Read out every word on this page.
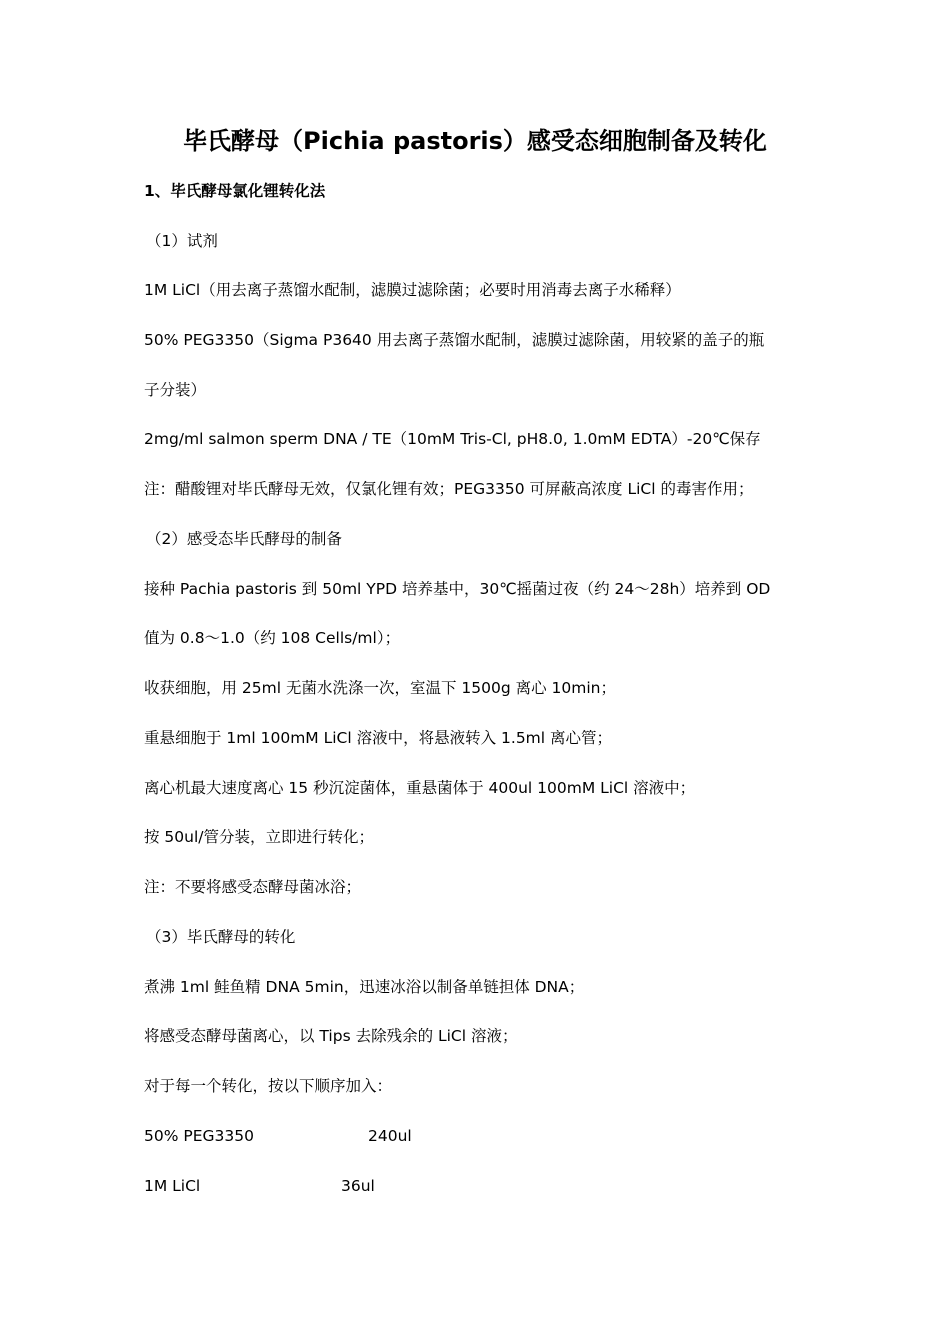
毕氏酵母（Pichia pastoris）感受态细胞制备及转化
1、毕氏酵母氯化锂转化法
（1）试剂
1M LiCl（用去离子蒸馏水配制，滤膜过滤除菌；必要时用消毒去离子水稀释）
50% PEG3350（Sigma P3640 用去离子蒸馏水配制，滤膜过滤除菌，用较紧的盖子的瓶
子分装）
2mg/ml salmon sperm DNA / TE（10mM Tris-Cl, pH8.0, 1.0mM EDTA）-20℃保存
注：醋酸锂对毕氏酵母无效，仅氯化锂有效；PEG3350 可屏蔽高浓度 LiCl 的毒害作用；
（2）感受态毕氏酵母的制备
接种 Pachia pastoris 到 50ml YPD 培养基中，30℃摇菌过夜（约 24～28h）培养到 OD
值为 0.8～1.0（约 108 Cells/ml）；
收获细胞，用 25ml 无菌水洗涤一次，室温下 1500g 离心 10min；
重悬细胞于 1ml 100mM LiCl 溶液中，将悬液转入 1.5ml 离心管；
离心机最大速度离心 15 秒沉淀菌体，重悬菌体于 400ul 100mM LiCl 溶液中；
按 50ul/管分装，立即进行转化；
注：不要将感受态酵母菌冰浴；
（3）毕氏酵母的转化
煮沸 1ml 鲑鱼精 DNA 5min，迅速冰浴以制备单链担体 DNA；
将感受态酵母菌离心，以 Tips 去除残余的 LiCl 溶液；
对于每一个转化，按以下顺序加入：
50% PEG3350	240ul
1M LiCl	36ul
